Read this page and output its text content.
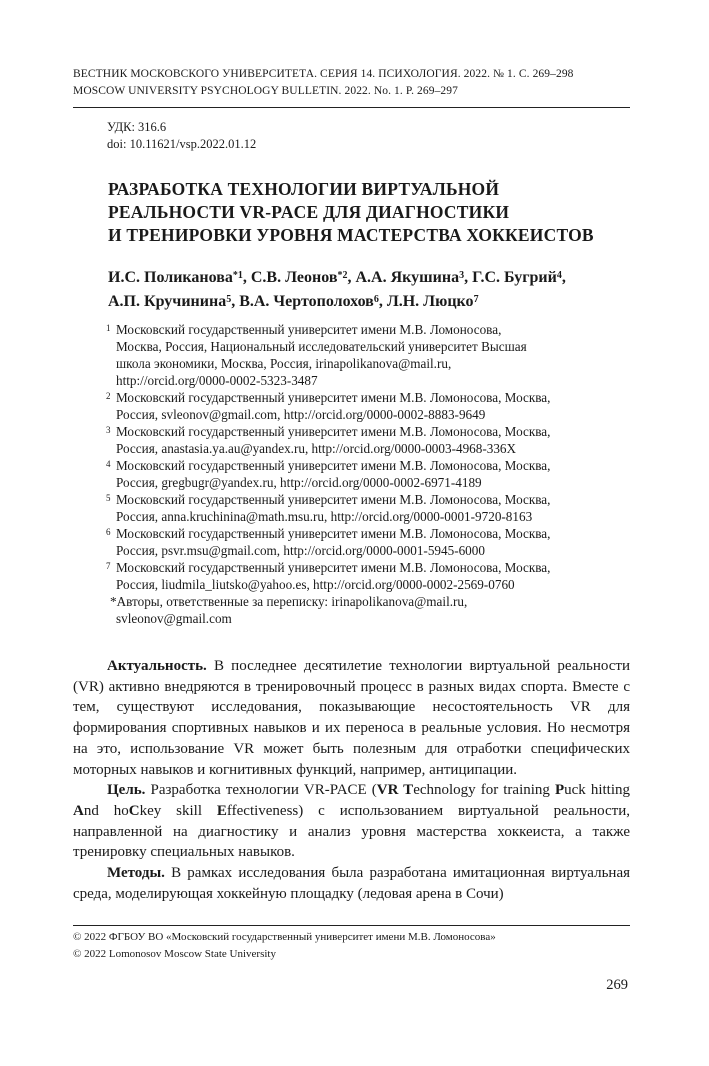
ВЕСТНИК МОСКОВСКОГО УНИВЕРСИТЕТА. СЕРИЯ 14. ПСИХОЛОГИЯ. 2022. № 1. С. 269–298
MOSCOW UNIVERSITY PSYCHOLOGY BULLETIN. 2022. No. 1. P. 269–297
УДК: 316.6
doi: 10.11621/vsp.2022.01.12
РАЗРАБОТКА ТЕХНОЛОГИИ ВИРТУАЛЬНОЙ
РЕАЛЬНОСТИ VR-PACE ДЛЯ ДИАГНОСТИКИ
И ТРЕНИРОВКИ УРОВНЯ МАСТЕРСТВА ХОККЕИСТОВ
И.С. Поликанова$^{*1}$, С.В. Леонов$^{*2}$, А.А. Якушина$^3$, Г.С. Бугрий$^4$,
А.П. Кручинина$^5$, В.А. Чертополохов$^6$, Л.Н. Люцко$^7$
1 Московский государственный университет имени М.В. Ломоносова,
Москва, Россия, Национальный исследовательский университет Высшая
школа экономики, Москва, Россия, irinapolikanova@mail.ru,
http://orcid.org/0000-0002-5323-3487
2 Московский государственный университет имени М.В. Ломоносова, Москва,
Россия, svleonov@gmail.com, http://orcid.org/0000-0002-8883-9649
3 Московский государственный университет имени М.В. Ломоносова, Москва,
Россия, anastasia.ya.au@yandex.ru, http://orcid.org/0000-0003-4968-336X
4 Московский государственный университет имени М.В. Ломоносова, Москва,
Россия, gregbugr@yandex.ru, http://orcid.org/0000-0002-6971-4189
5 Московский государственный университет имени М.В. Ломоносова, Москва,
Россия, anna.kruchinina@math.msu.ru, http://orcid.org/0000-0001-9720-8163
6 Московский государственный университет имени М.В. Ломоносова, Москва,
Россия, psvr.msu@gmail.com, http://orcid.org/0000-0001-5945-6000
7 Московский государственный университет имени М.В. Ломоносова, Москва,
Россия, liudmila_liutsko@yahoo.es, http://orcid.org/0000-0002-2569-0760
*Авторы, ответственные за переписку: irinapolikanova@mail.ru,
svleonov@gmail.com

Актуальность. В последнее десятилетие технологии виртуальной реальности (VR) активно внедряются в тренировочный процесс в разных видах спорта. Вместе с тем, существуют исследования, показывающие несостоятельность VR для формирования спортивных навыков и их переноса в реальные условия. Но несмотря на это, использование VR может быть полезным для отработки специфических моторных навыков и когнитивных функций, например, антиципации.

Цель. Разработка технологии VR-PACE (VR Technology for training Puck hitting And hoCkey skill Effectiveness) с использованием виртуальной реальности, направленной на диагностику и анализ уровня мастерства хоккеиста, а также тренировку специальных навыков.

Методы. В рамках исследования была разработана имитационная виртуальная среда, моделирующая хоккейную площадку (ледовая арена в Сочи)

© 2022 ФГБОУ ВО «Московский государственный университет имени М.В. Ломоносова»
© 2022 Lomonosov Moscow State University
269
